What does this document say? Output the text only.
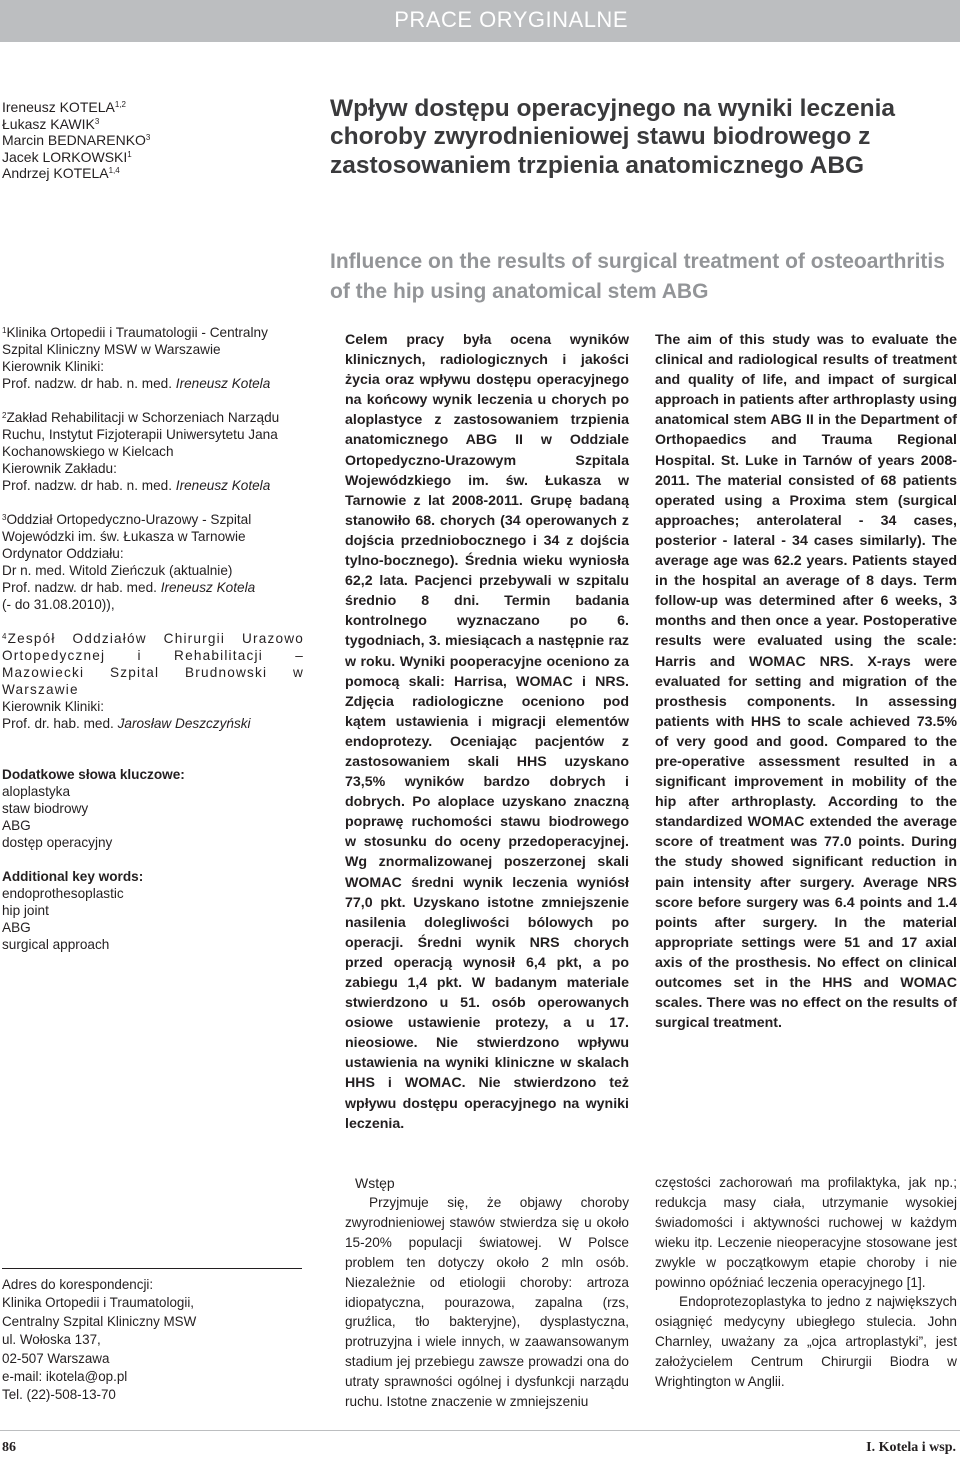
PRACE ORYGINALNE
Ireneusz KOTELA$^{1,2}$
Łukasz KAWIK$^3$
Marcin BEDNARENKO$^3$
Jacek LORKOWSKI$^1$
Andrzej KOTELA$^{1,4}$
Wpływ dostępu operacyjnego na wyniki leczenia choroby zwyrodnieniowej stawu biodrowego z zastosowaniem trzpienia anatomicznego ABG
Influence on the results of surgical treatment of osteoarthritis of the hip using anatomical stem ABG
$^1$Klinika Ortopedii i Traumatologii - Centralny Szpital Kliniczny MSW w Warszawie
Kierownik Kliniki:
Prof. nadzw. dr hab. n. med. Ireneusz Kotela
$^2$Zakład Rehabilitacji w Schorzeniach Narządu Ruchu, Instytut Fizjoterapii Uniwersytetu Jana Kochanowskiego w Kielcach
Kierownik Zakładu:
Prof. nadzw. dr hab. n. med. Ireneusz Kotela
$^3$Oddział Ortopedyczno-Urazowy - Szpital Wojewódzki im. św. Łukasza w Tarnowie
Ordynator Oddziału:
Dr n. med. Witold Zieńczuk (aktualnie)
Prof. nadzw. dr hab. med. Ireneusz Kotela
(- do 31.08.2010)),
$^4$Zespół Oddziałów Chirurgii Urazowo Ortopedycznej i Rehabilitacji – Mazowiecki Szpital Brudnowski w Warszawie
Kierownik Kliniki:
Prof. dr. hab. med. Jarosław Deszczyński
Dodatkowe słowa kluczowe:
aloplastyka
staw biodrowy
ABG
dostęp operacyjny
Additional key words:
endoprothesoplastic
hip joint
ABG
surgical approach
Celem pracy była ocena wyników klinicznych, radiologicznych i jakości życia oraz wpływu dostępu operacyjnego na końcowy wynik leczenia u chorych po aloplastyce z zastosowaniem trzpienia anatomicznego ABG II w Oddziale Ortopedyczno-Urazowym Szpitala Wojewódzkiego im. św. Łukasza w Tarnowie z lat 2008-2011. Grupę badaną stanowiło 68. chorych (34 operowanych z dojścia przedniobocznego i 34 z dojścia tylno-bocznego). Średnia wieku wyniosła 62,2 lata. Pacjenci przebywali w szpitalu średnio 8 dni. Termin badania kontrolnego wyznaczano po 6. tygodniach, 3. miesiącach a następnie raz w roku. Wyniki pooperacyjne oceniono za pomocą skali: Harrisa, WOMAC i NRS. Zdjęcia radiologiczne oceniono pod kątem ustawienia i migracji elementów endoprotezy. Oceniając pacjentów z zastosowaniem skali HHS uzyskano 73,5% wyników bardzo dobrych i dobrych. Po aloplace uzyskano znaczną poprawę ruchomości stawu biodrowego w stosunku do oceny przedoperacyjnej. Wg znormalizowanej poszerzonej skali WOMAC średni wynik leczenia wyniósł 77,0 pkt. Uzyskano istotne zmniejszenie nasilenia dolegliwości bólowych po operacji. Średni wynik NRS chorych przed operacją wynosił 6,4 pkt, a po zabiegu 1,4 pkt. W badanym materiale stwierdzono u 51. osób operowanych osiowe ustawienie protezy, a u 17. nieosiowe. Nie stwierdzono wpływu ustawienia na wyniki kliniczne w skalach HHS i WOMAC. Nie stwierdzono też wpływu dostępu operacyjnego na wyniki leczenia.
The aim of this study was to evaluate the clinical and radiological results of treatment and quality of life, and impact of surgical approach in patients after arthroplasty using anatomical stem ABG II in the Department of Orthopaedics and Trauma Regional Hospital. St. Luke in Tarnów of years 2008-2011. The material consisted of 68 patients operated using a Proxima stem (surgical approaches; anterolateral - 34 cases, posterior - lateral - 34 cases similarly). The average age was 62.2 years. Patients stayed in the hospital an average of 8 days. Term follow-up was determined after 6 weeks, 3 months and then once a year. Postoperative results were evaluated using the scale: Harris and WOMAC NRS. X-rays were evaluated for setting and migration of the prosthesis components. In assessing patients with HHS to scale achieved 73.5% of very good and good. Compared to the pre-operative assessment resulted in a significant improvement in mobility of the hip after arthroplasty. According to the standardized WOMAC extended the average score of treatment was 77.0 points. During the study showed significant reduction in pain intensity after surgery. Average NRS score before surgery was 6.4 points and 1.4 points after surgery. In the material appropriate settings were 51 and 17 axial axis of the prosthesis. No effect on clinical outcomes set in the HHS and WOMAC scales. There was no effect on the results of surgical treatment.
Wstęp
Przyjmuje się, że objawy choroby zwyrodnieniowej stawów stwierdza się u około 15-20% populacji światowej. W Polsce problem ten dotyczy około 2 mln osób. Niezależnie od etiologii choroby: artroza idiopatyczna, pourazowa, zapalna (rzs, gruźlica, tło bakteryjne), dysplastyczna, protruzyjna i wiele innych, w zaawansowanym stadium jej przebiegu zawsze prowadzi ona do utraty sprawności ogólnej i dysfunkcji narządu ruchu. Istotne znaczenie w zmniejszeniu

częstości zachorowań ma profilaktyka, jak np.; redukcja masy ciała, utrzymanie wysokiej świadomości i aktywności ruchowej w każdym wieku itp. Leczenie nieoperacyjne stosowane jest zwykle w początkowym etapie choroby i nie powinno opóźniać leczenia operacyjnego [1].

Endoprotezoplastyka to jedno z największych osiągnięć medycyny ubiegłego stulecia. John Charnley, uważany za „ojca artroplastyki”, jest założycielem Centrum Chirurgii Biodra w Wrightington w Anglii.

Adres do korespondencji:
Klinika Ortopedii i Traumatologii,
Centralny Szpital Kliniczny MSW
ul. Wołoska 137,
02-507 Warszawa
e-mail: ikotela@op.pl
Tel. (22)-508-13-70
86	I. Kotela i wsp.
